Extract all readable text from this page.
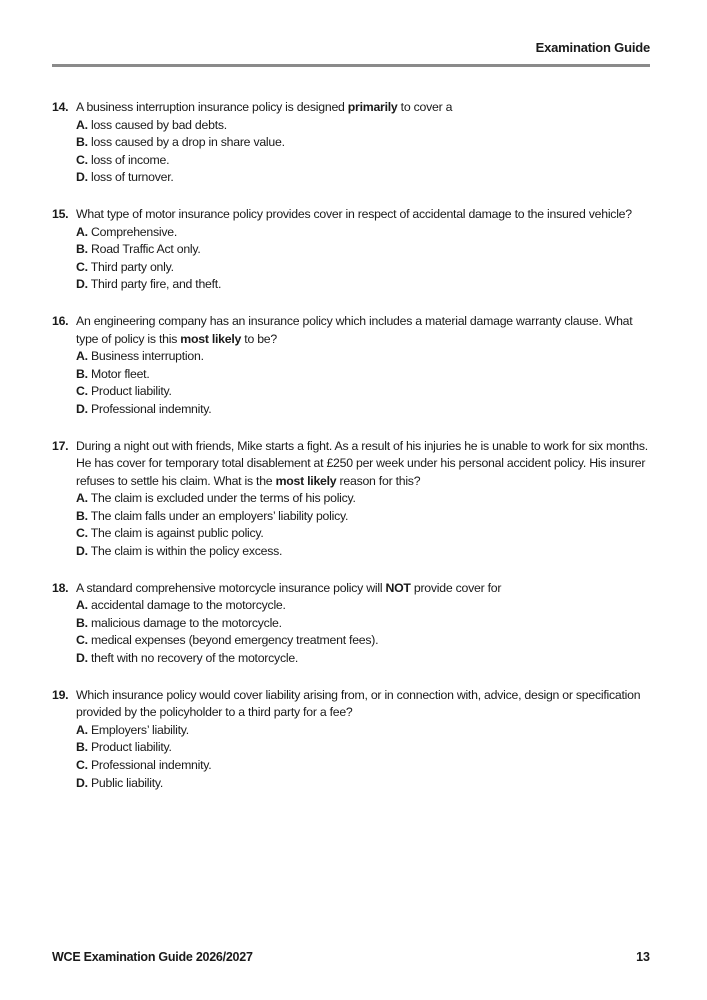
Examination Guide
14. A business interruption insurance policy is designed primarily to cover a
A. loss caused by bad debts.
B. loss caused by a drop in share value.
C. loss of income.
D. loss of turnover.
15. What type of motor insurance policy provides cover in respect of accidental damage to the insured vehicle?
A. Comprehensive.
B. Road Traffic Act only.
C. Third party only.
D. Third party fire, and theft.
16. An engineering company has an insurance policy which includes a material damage warranty clause. What type of policy is this most likely to be?
A. Business interruption.
B. Motor fleet.
C. Product liability.
D. Professional indemnity.
17. During a night out with friends, Mike starts a fight. As a result of his injuries he is unable to work for six months. He has cover for temporary total disablement at £250 per week under his personal accident policy. His insurer refuses to settle his claim. What is the most likely reason for this?
A. The claim is excluded under the terms of his policy.
B. The claim falls under an employers’ liability policy.
C. The claim is against public policy.
D. The claim is within the policy excess.
18. A standard comprehensive motorcycle insurance policy will NOT provide cover for
A. accidental damage to the motorcycle.
B. malicious damage to the motorcycle.
C. medical expenses (beyond emergency treatment fees).
D. theft with no recovery of the motorcycle.
19. Which insurance policy would cover liability arising from, or in connection with, advice, design or specification provided by the policyholder to a third party for a fee?
A. Employers’ liability.
B. Product liability.
C. Professional indemnity.
D. Public liability.
WCE Examination Guide 2026/2027	13
